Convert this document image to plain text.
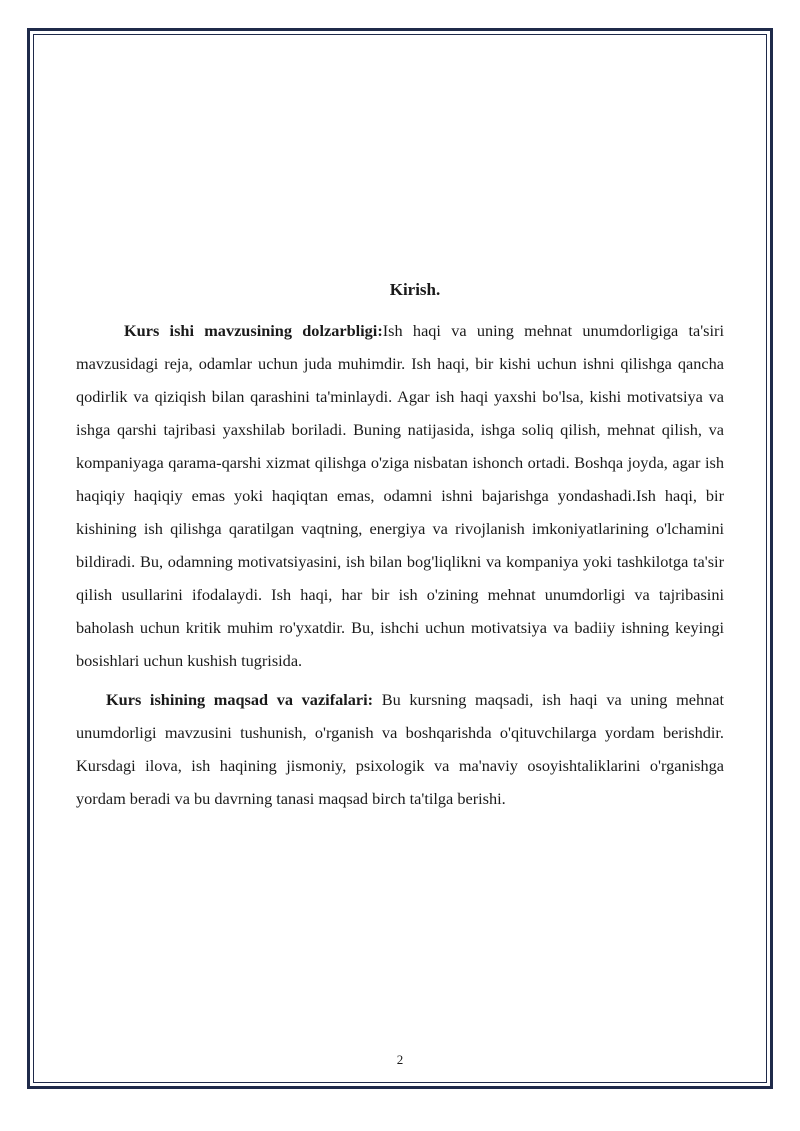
Kirish.

Kurs ishi mavzusining dolzarbligi:Ish haqi va uning mehnat unumdorligiga ta'siri mavzusidagi reja, odamlar uchun juda muhimdir. Ish haqi, bir kishi uchun ishni qilishga qancha qodirlik va qiziqish bilan qarashini ta'minlaydi. Agar ish haqi yaxshi bo'lsa, kishi motivatsiya va ishga qarshi tajribasi yaxshilab boriladi. Buning natijasida, ishga soliq qilish, mehnat qilish, va kompaniyaga qarama-qarshi xizmat qilishga o'ziga nisbatan ishonch ortadi. Boshqa joyda, agar ish haqiqiy haqiqiy emas yoki haqiqtan emas, odamni ishni bajarishga yondashadi.Ish haqi, bir kishining ish qilishga qaratilgan vaqtning, energiya va rivojlanish imkoniyatlarining o'lchamini bildiradi. Bu, odamning motivatsiyasini, ish bilan bog'liqlikni va kompaniya yoki tashkilotga ta'sir qilish usullarini ifodalaydi. Ish haqi, har bir ish o'zining mehnat unumdorligi va tajribasini baholash uchun kritik muhim ro'yxatdir. Bu, ishchi uchun motivatsiya va badiiy ishning keyingi bosishlari uchun kushish tugrisida.

Kurs ishining maqsad va vazifalari: Bu kursning maqsadi, ish haqi va uning mehnat unumdorligi mavzusini tushunish, o'rganish va boshqarishda o'qituvchilarga yordam berishdir. Kursdagi ilova, ish haqining jismoniy, psixologik va ma'naviy osoyishtaliklarini o'rganishga yordam beradi va bu davrning tanasi maqsad birch ta'tilga berishi.

2
